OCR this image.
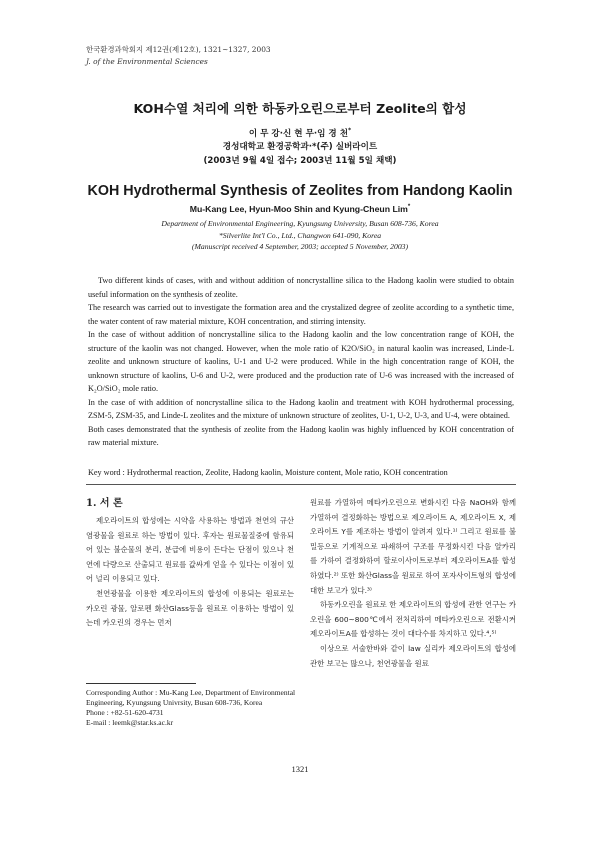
한국환경과학회지 제12권(제12호), 1321~1327, 2003
J. of the Environmental Sciences
KOH수열 처리에 의한 하동카오린으로부터 Zeolite의 합성
이 무 강·신 현 무·임 경 천*
경성대학교 환경공학과·*(주) 실버라이트
(2003년 9월 4일 접수; 2003년 11월 5일 채택)
KOH Hydrothermal Synthesis of Zeolites from Handong Kaolin
Mu-Kang Lee, Hyun-Moo Shin and Kyung-Cheun Lim*
Department of Environmental Engineering, Kyungsung University, Busan 608-736, Korea
*Silverlite Int'l Co., Ltd., Changwon 641-090, Korea
(Manuscript received 4 September, 2003; accepted 5 November, 2003)

Two different kinds of cases, with and without addition of noncrystalline silica to the Hadong kaolin were studied to obtain useful information on the synthesis of zeolite.

The research was carried out to investigate the formation area and the crystalized degree of zeolite according to a synthetic time, the water content of raw material mixture, KOH concentration, and stirring intensity.

In the case of without addition of noncrystalline silica to the Hadong kaolin and the low concentration range of KOH, the structure of the kaolin was not changed. However, when the mole ratio of K2O/SiO₂ in natural kaolin was increased, Linde-L zeolite and unknown structure of kaolins, U-1 and U-2 were produced. While in the high concentration range of KOH, the unknown structure of kaolins, U-6 and U-2, were produced and the production rate of U-6 was increased with the increased of K₂O/SiO₂ mole ratio.

In the case of with addition of noncrystalline silica to the Hadong kaolin and treatment with KOH hydrothermal processing, ZSM-5, ZSM-35, and Linde-L zeolites and the mixture of unknown structure of zeolites, U-1, U-2, U-3, and U-4, were obtained.

Both cases demonstrated that the synthesis of zeolite from the Hadong kaolin was highly influenced by KOH concentration of raw material mixture.

Key word : Hydrothermal reaction, Zeolite, Hadong kaolin, Moisture content, Mole ratio, KOH concentration
1. 서 론

제오라이트의 합성에는 시약을 사용하는 방법과 천연의 규산염광물을 원료로 하는 방법이 있다. 후자는 원료물질중에 함유되어 있는 불순물의 분리, 분급에 비용이 든다는 단점이 있으나 천연에 다량으로 산출되고 원료를 값싸게 얻을 수 있다는 이점이 있어 널리 이용되고 있다.

천연광물을 이용한 제오라이트의 합성에 이용되는 원료로는 카오린 광물, 알로펜 화산Glass등을 원료로 이용하는 방법이 있는데 카오린의 경우는 먼저

원료를 가열하여 메타카오린으로 변화시킨 다음 NaOH와 함께 가열하여 결정화하는 방법으로 제오라이트 A, 제오라이트 X, 제오라이트 Y를 제조하는 방법이 알려져 있다.¹⁾ 그리고 원료를 불밀등으로 기계적으로 파쇄하여 구조를 무정화시킨 다음 알카리를 가하여 결정화하여 할로이사이트로부터 제오라이트A를 합성하였다.²⁾ 또한 화산Glass을 원료로 하여 포자사이트형의 합성에 대한 보고가 있다.³⁾

하동카오린을 원료로 한 제오라이트의 합성에 관한 연구는 카오린을 600~800℃에서 전처리하여 메타카오린으로 전환시켜 제오라이트A를 합성하는 것이 대다수를 차지하고 있다.⁴,⁵⁾

이상으로 서술한바와 같이 law 실리카 제오라이트의 합성에 관한 보고는 많으나, 천연광물을 원료

Corresponding Author : Mu-Kang Lee, Department of Environmental Engineering, Kyungsung Univrsity, Busan 608-736, Korea

Phone : +82-51-620-4731

E-mail : leemk@star.ks.ac.kr

1321
